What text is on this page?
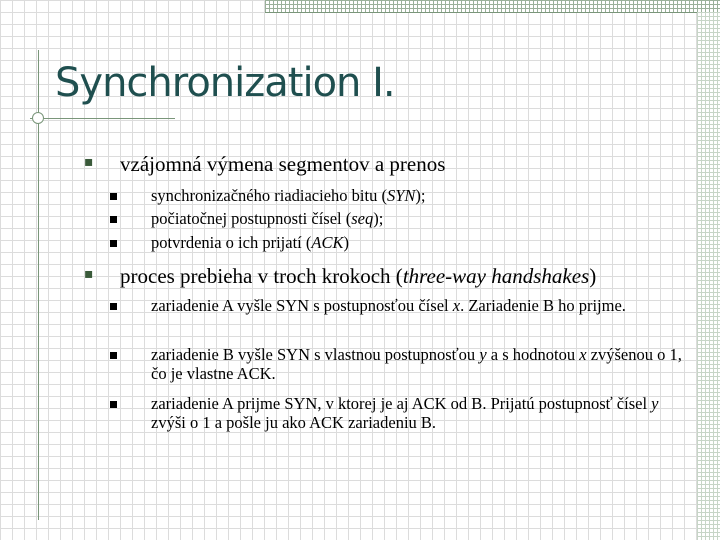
Synchronization I.
▪ vzájomná výmena segmentov a prenos
synchronizačného riadiacieho bitu (SYN);
počiatočnej postupnosti čísel (seq);
potvrdenia o ich prijatí (ACK)
▪ proces prebieha v troch krokoch (three-way handshakes)
zariadenie A vyšle SYN s postupnosťou čísel x. Zariadenie B ho prijme.
zariadenie B vyšle SYN s vlastnou postupnosťou y a s hodnotou x zvýšenou o 1, čo je vlastne ACK.
zariadenie A prijme SYN, v ktorej je aj ACK od B. Prijatú postupnosť čísel y zvýši o 1 a pošle ju ako ACK zariadeniu B.
